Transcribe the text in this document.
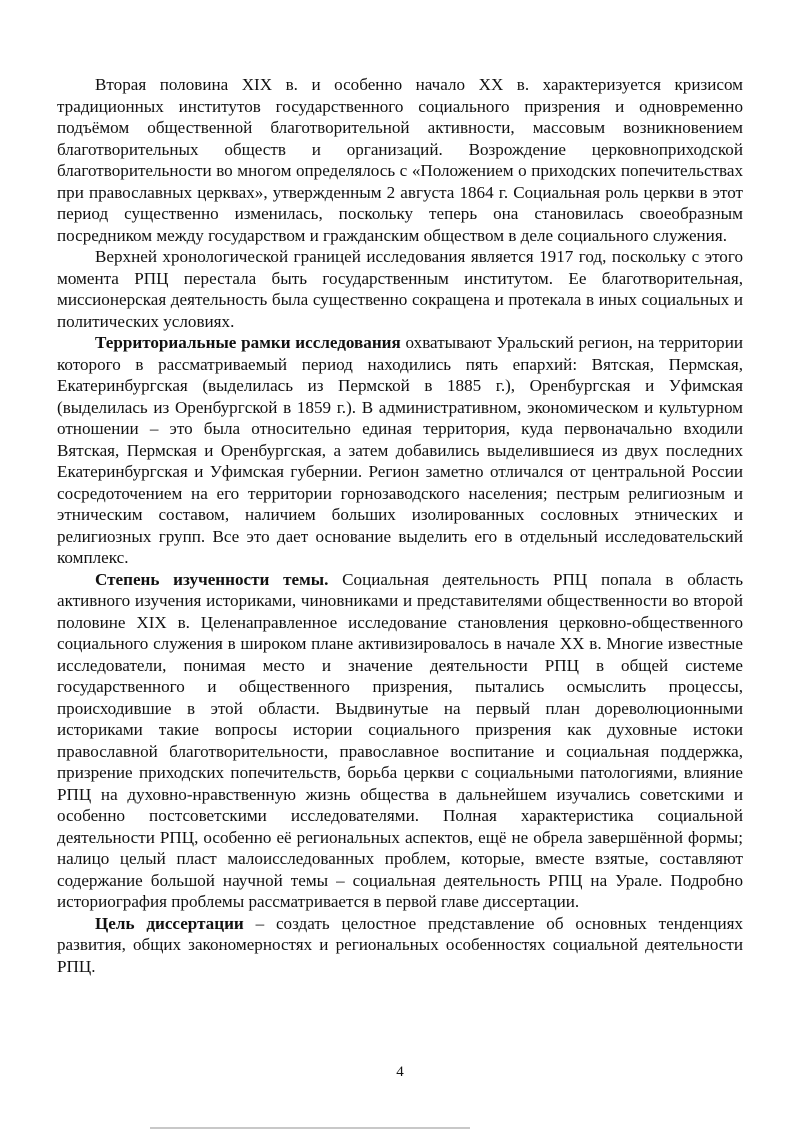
Вторая половина XIX в. и особенно начало XX в. характеризуется кризисом традиционных институтов государственного социального призрения и одновременно подъёмом общественной благотворительной активности, массовым возникновением благотворительных обществ и организаций. Возрождение церковноприходской благотворительности во многом определялось с «Положением о приходских попечительствах при православных церквах», утвержденным 2 августа 1864 г. Социальная роль церкви в этот период существенно изменилась, поскольку теперь она становилась своеобразным посредником между государством и гражданским обществом в деле социального служения.

Верхней хронологической границей исследования является 1917 год, поскольку с этого момента РПЦ перестала быть государственным институтом. Ее благотворительная, миссионерская деятельность была существенно сокращена и протекала в иных социальных и политических условиях.

Территориальные рамки исследования охватывают Уральский регион, на территории которого в рассматриваемый период находились пять епархий: Вятская, Пермская, Екатеринбургская (выделилась из Пермской в 1885 г.), Оренбургская и Уфимская (выделилась из Оренбургской в 1859 г.). В административном, экономическом и культурном отношении – это была относительно единая территория, куда первоначально входили Вятская, Пермская и Оренбургская, а затем добавились выделившиеся из двух последних Екатеринбургская и Уфимская губернии. Регион заметно отличался от центральной России сосредоточением на его территории горнозаводского населения; пестрым религиозным и этническим составом, наличием больших изолированных сословных этнических и религиозных групп. Все это дает основание выделить его в отдельный исследовательский комплекс.

Степень изученности темы. Социальная деятельность РПЦ попала в область активного изучения историками, чиновниками и представителями общественности во второй половине XIX в. Целенаправленное исследование становления церковно-общественного социального служения в широком плане активизировалось в начале XX в. Многие известные исследователи, понимая место и значение деятельности РПЦ в общей системе государственного и общественного призрения, пытались осмыслить процессы, происходившие в этой области. Выдвинутые на первый план дореволюционными историками такие вопросы истории социального призрения как духовные истоки православной благотворительности, православное воспитание и социальная поддержка, призрение приходских попечительств, борьба церкви с социальными патологиями, влияние РПЦ на духовно-нравственную жизнь общества в дальнейшем изучались советскими и особенно постсоветскими исследователями. Полная характеристика социальной деятельности РПЦ, особенно её региональных аспектов, ещё не обрела завершённой формы; налицо целый пласт малоисследованных проблем, которые, вместе взятые, составляют содержание большой научной темы – социальная деятельность РПЦ на Урале. Подробно историография проблемы рассматривается в первой главе диссертации.

Цель диссертации – создать целостное представление об основных тенденциях развития, общих закономерностях и региональных особенностях социальной деятельности РПЦ.

4
